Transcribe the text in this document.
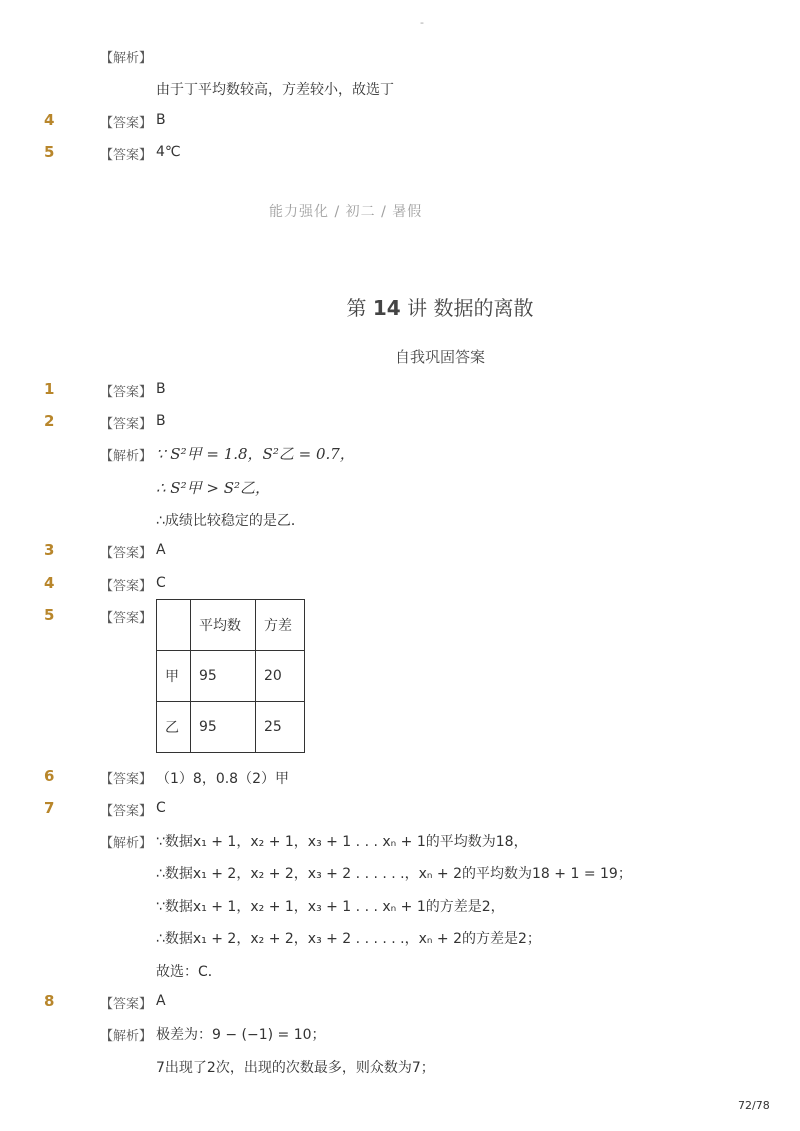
-
【解析】
由于丁平均数较高，方差较小，故选丁
4	【答案】 B
5	【答案】 4℃
能力强化 / 初二 / 暑假
第 14 讲 数据的离散
自我巩固答案
1	【答案】 B
2	【答案】 B
【解析】 ∵ S²甲 = 1.8，S²乙 = 0.7，
∴ S²甲 > S²乙，
∴成绩比较稳定的是乙．
3	【答案】 A
4	【答案】 C
5	【答案】
		平均数	方差
甲	95	20
乙	95	25
6	【答案】 （1）8，0.8（2）甲
7	【答案】 C
【解析】 ∵数据x₁ + 1，x₂ + 1，x₃ + 1 . . . xₙ + 1的平均数为18，
∴数据x₁ + 2，x₂ + 2，x₃ + 2 . . . . . .，xₙ + 2的平均数为18 + 1 = 19；
∵数据x₁ + 1，x₂ + 1，x₃ + 1 . . . xₙ + 1的方差是2，
∴数据x₁ + 2，x₂ + 2，x₃ + 2 . . . . . .，xₙ + 2的方差是2；
故选：C．
8	【答案】 A
【解析】 极差为：9 − (−1) = 10；
7出现了2次，出现的次数最多，则众数为7；
72/78
